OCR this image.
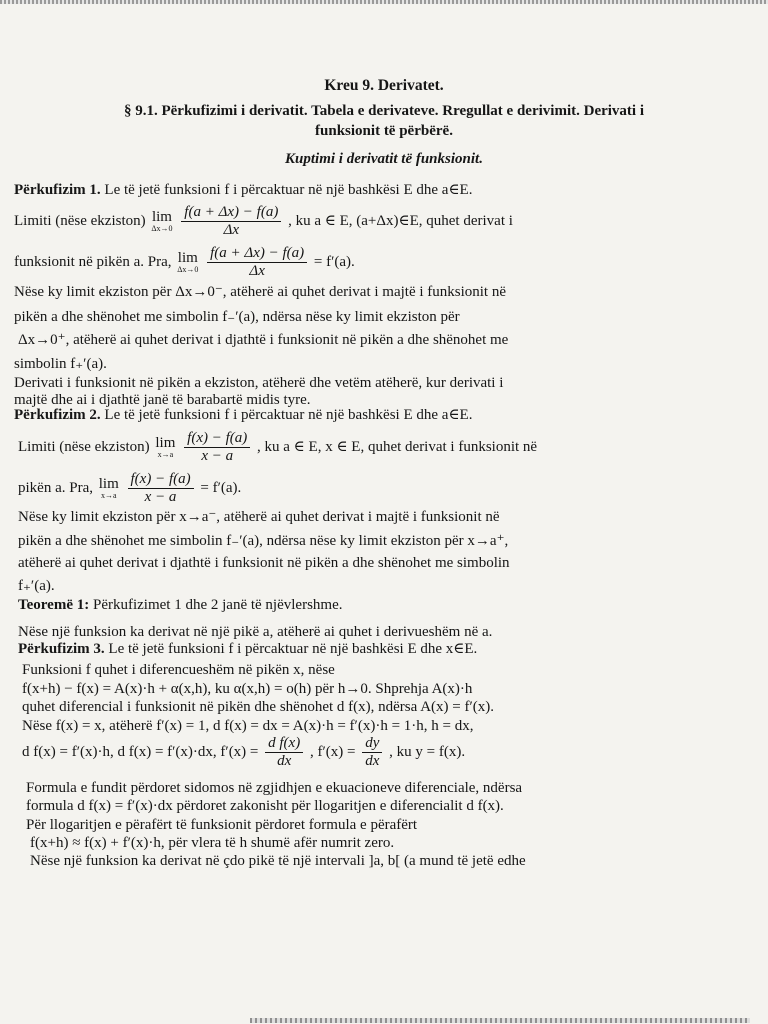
Kreu 9. Derivatet.
§ 9.1. Përkufizimi i derivatit. Tabela e derivateve. Rregullat e derivimit. Derivati i
funksionit të përbërë.
Kuptimi i derivatit të funksionit.
Përkufizim 1. Le të jetë funksioni f i përcaktuar në një bashkësi E dhe a∈E.
Limiti (nëse ekziston) lim
Δx→0
$\frac{f(a + \Delta x) - f(a)}{\Delta x}$ , ku a ∈ E, (a+Δx)∈E, quhet derivat i
funksionit në pikën a. Pra, lim
Δx→0
$\frac{f(a + \Delta x) - f(a)}{\Delta x} = f'(a)$.
Nëse ky limit ekziston për Δx→0⁻, atëherë ai quhet derivat i majtë i funksionit në
pikën a dhe shënohet me simbolin f₋′(a), ndërsa nëse ky limit ekziston për
Δx→0⁺, atëherë ai quhet derivat i djathtë i funksionit në pikën a dhe shënohet me
simbolin f₊′(a).
Derivati i funksionit në pikën a ekziston, atëherë dhe vetëm atëherë, kur derivati i
majtë dhe ai i djathtë janë të barabartë midis tyre.
Përkufizim 2. Le të jetë funksioni f i përcaktuar në një bashkësi E dhe a∈E.
Limiti (nëse ekziston) lim
x→a
$\frac{f(x) - f(a)}{x - a}$ , ku a ∈ E, x ∈ E, quhet derivat i funksionit në
pikën a. Pra, lim
x→a
$\frac{f(x) - f(a)}{x - a} = f'(a)$.
Nëse ky limit ekziston për x→a⁻, atëherë ai quhet derivat i majtë i funksionit në
pikën a dhe shënohet me simbolin f₋′(a), ndërsa nëse ky limit ekziston për x→a⁺,
atëherë ai quhet derivat i djathtë i funksionit në pikën a dhe shënohet me simbolin
f₊′(a).
Teoremë 1: Përkufizimet 1 dhe 2 janë të njëvlershme.
Nëse një funksion ka derivat në një pikë a, atëherë ai quhet i derivueshëm në a.
Përkufizim 3. Le të jetë funksioni f i përcaktuar në një bashkësi E dhe x∈E.
Funksioni f quhet i diferencueshëm në pikën x, nëse
f(x+h) − f(x) = A(x)·h + α(x,h), ku α(x,h) = o(h) për h→0. Shprehja A(x)·h
quhet diferencial i funksionit në pikën dhe shënohet d f(x), ndërsa A(x) = f′(x).
Nëse f(x) = x, atëherë f′(x) = 1, d f(x) = dx = A(x)·h = f′(x)·h = 1·h, h = dx,
d f(x) = f′(x)·h, d f(x) = f′(x)·dx, $f'(x) = \frac{\text{d f(x)}}{dx}$ , $f'(x) = \frac{dy}{dx}$ , ku y = f(x).
Formula e fundit përdoret sidomos në zgjidhjen e ekuacioneve diferenciale, ndërsa
formula d f(x) = f′(x)·dx përdoret zakonisht për llogaritjen e diferencialit d f(x).
Për llogaritjen e përafërt të funksionit përdoret formula e përafërt
f(x+h) ≈ f(x) + f′(x)·h, për vlera të h shumë afër numrit zero.
Nëse një funksion ka derivat në çdo pikë të një intervali ]a, b[ (a mund të jetë edhe
